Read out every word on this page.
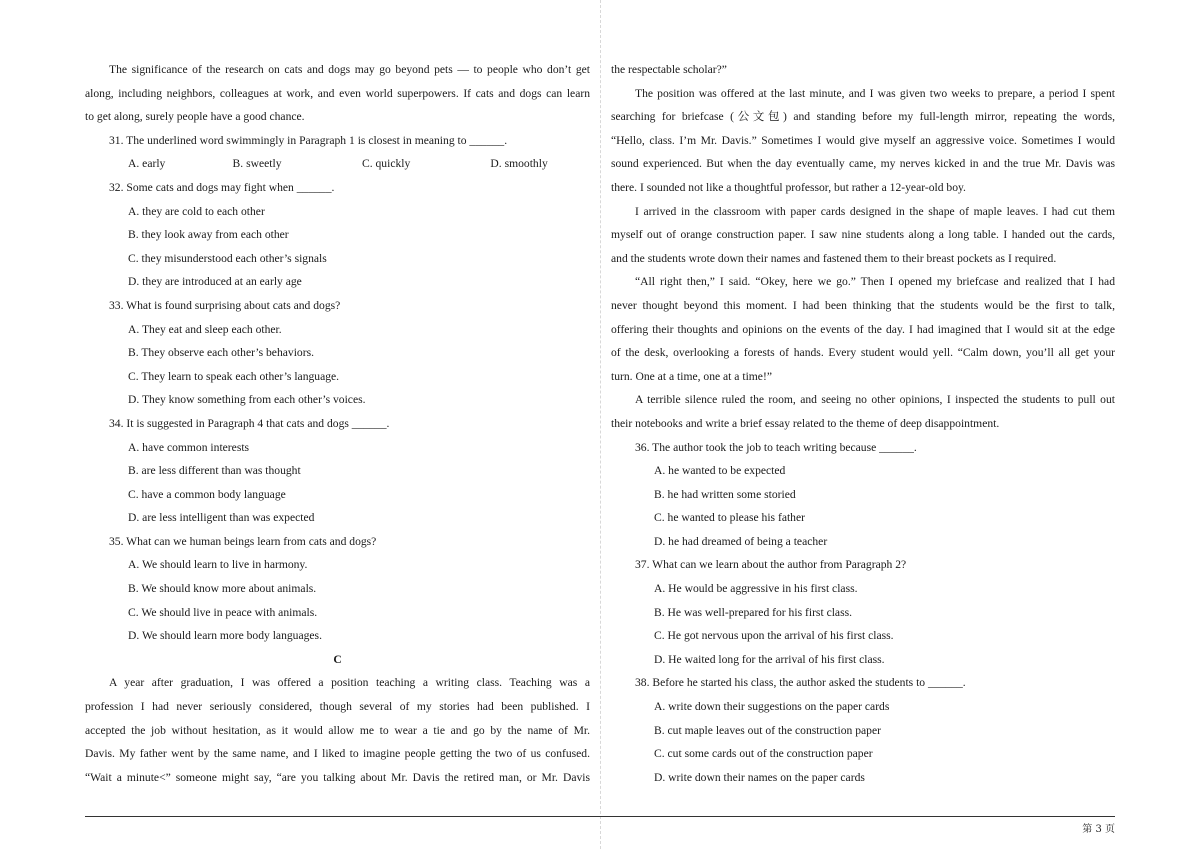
The significance of the research on cats and dogs may go beyond pets — to people who don’t get
along, including neighbors, colleagues at work, and even world superpowers. If cats and dogs can learn
to get along, surely people have a good chance.
31. The underlined word swimmingly in Paragraph 1 is closest in meaning to ______.
A. early	B. sweetly	C. quickly	D. smoothly
32. Some cats and dogs may fight when ______.
A. they are cold to each other
B. they look away from each other
C. they misunderstood each other’s signals
D. they are introduced at an early age
33. What is found surprising about cats and dogs?
A. They eat and sleep each other.
B. They observe each other’s behaviors.
C. They learn to speak each other’s language.
D. They know something from each other’s voices.
34. It is suggested in Paragraph 4 that cats and dogs ______.
A. have common interests
B. are less different than was thought
C. have a common body language
D. are less intelligent than was expected
35. What can we human beings learn from cats and dogs?
A. We should learn to live in harmony.
B. We should know more about animals.
C. We should live in peace with animals.
D. We should learn more body languages.
C
A year after graduation, I was offered a position teaching a writing class. Teaching was a
profession I had never seriously considered, though several of my stories had been published. I
accepted the job without hesitation, as it would allow me to wear a tie and go by the name of Mr.
Davis. My father went by the same name, and I liked to imagine people getting the two of us confused.
“Wait a minute<” someone might say, “are you talking about Mr. Davis the retired man, or Mr. Davis
the respectable scholar?”
The position was offered at the last minute, and I was given two weeks to prepare, a period I spent
searching for briefcase (公文包) and standing before my full-length mirror, repeating the words,
“Hello, class. I’m Mr. Davis.” Sometimes I would give myself an aggressive voice. Sometimes I would
sound experienced. But when the day eventually came, my nerves kicked in and the true Mr. Davis was
there. I sounded not like a thoughtful professor, but rather a 12-year-old boy.
I arrived in the classroom with paper cards designed in the shape of maple leaves. I had cut them
myself out of orange construction paper. I saw nine students along a long table. I handed out the cards,
and the students wrote down their names and fastened them to their breast pockets as I required.
“All right then,” I said. “Okey, here we go.” Then I opened my briefcase and realized that I had
never thought beyond this moment. I had been thinking that the students would be the first to talk,
offering their thoughts and opinions on the events of the day. I had imagined that I would sit at the edge
of the desk, overlooking a forests of hands. Every student would yell. “Calm down, you’ll all get your
turn. One at a time, one at a time!”
A terrible silence ruled the room, and seeing no other opinions, I inspected the students to pull out
their notebooks and write a brief essay related to the theme of deep disappointment.
36. The author took the job to teach writing because ______.
A. he wanted to be expected
B. he had written some storied
C. he wanted to please his father
D. he had dreamed of being a teacher
37. What can we learn about the author from Paragraph 2?
A. He would be aggressive in his first class.
B. He was well-prepared for his first class.
C. He got nervous upon the arrival of his first class.
D. He waited long for the arrival of his first class.
38. Before he started his class, the author asked the students to ______.
A. write down their suggestions on the paper cards
B. cut maple leaves out of the construction paper
C. cut some cards out of the construction paper
D. write down their names on the paper cards
第 3 页
